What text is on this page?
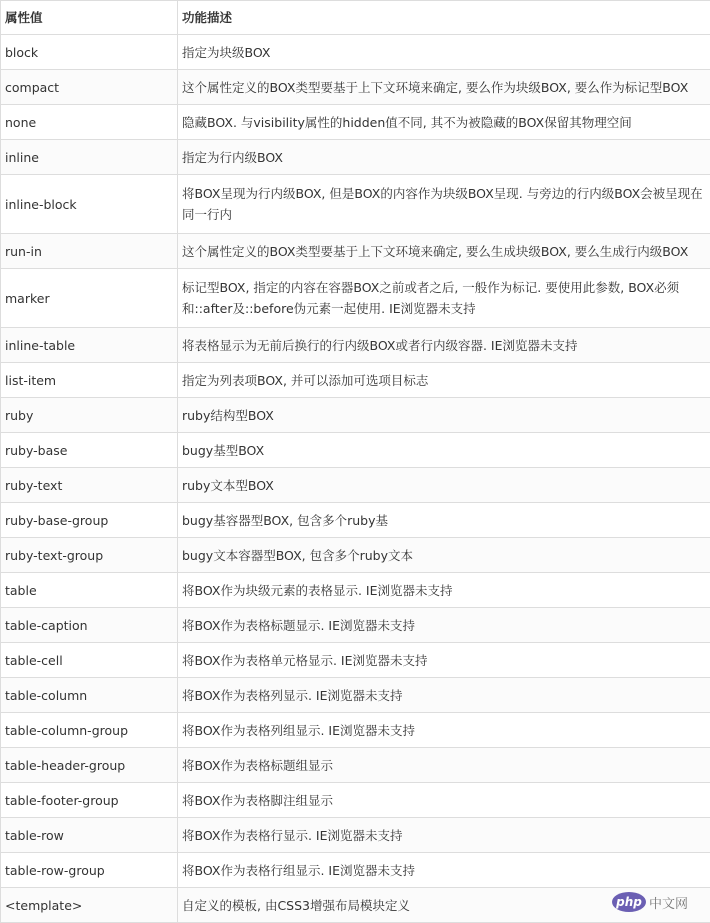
属性值	功能描述
block	指定为块级BOX
compact	这个属性定义的BOX类型要基于上下文环境来确定, 要么作为块级BOX, 要么作为标记型BOX
none	隐藏BOX. 与visibility属性的hidden值不同, 其不为被隐藏的BOX保留其物理空间
inline	指定为行内级BOX
inline-block	将BOX呈现为行内级BOX, 但是BOX的内容作为块级BOX呈现. 与旁边的行内级BOX会被呈现在同一行内
run-in	这个属性定义的BOX类型要基于上下文环境来确定, 要么生成块级BOX, 要么生成行内级BOX
marker	标记型BOX, 指定的内容在容器BOX之前或者之后, 一般作为标记. 要使用此参数, BOX必须和::after及::before伪元素一起使用. IE浏览器未支持
inline-table	将表格显示为无前后换行的行内级BOX或者行内级容器. IE浏览器未支持
list-item	指定为列表项BOX, 并可以添加可选项目标志
ruby	ruby结构型BOX
ruby-base	bugy基型BOX
ruby-text	ruby文本型BOX
ruby-base-group	bugy基容器型BOX, 包含多个ruby基
ruby-text-group	bugy文本容器型BOX, 包含多个ruby文本
table	将BOX作为块级元素的表格显示. IE浏览器未支持
table-caption	将BOX作为表格标题显示. IE浏览器未支持
table-cell	将BOX作为表格单元格显示. IE浏览器未支持
table-column	将BOX作为表格列显示. IE浏览器未支持
table-column-group	将BOX作为表格列组显示. IE浏览器未支持
table-header-group	将BOX作为表格标题组显示
table-footer-group	将BOX作为表格脚注组显示
table-row	将BOX作为表格行显示. IE浏览器未支持
table-row-group	将BOX作为表格行组显示. IE浏览器未支持
<template>	自定义的模板, 由CSS3增强布局模块定义	php 中文网
